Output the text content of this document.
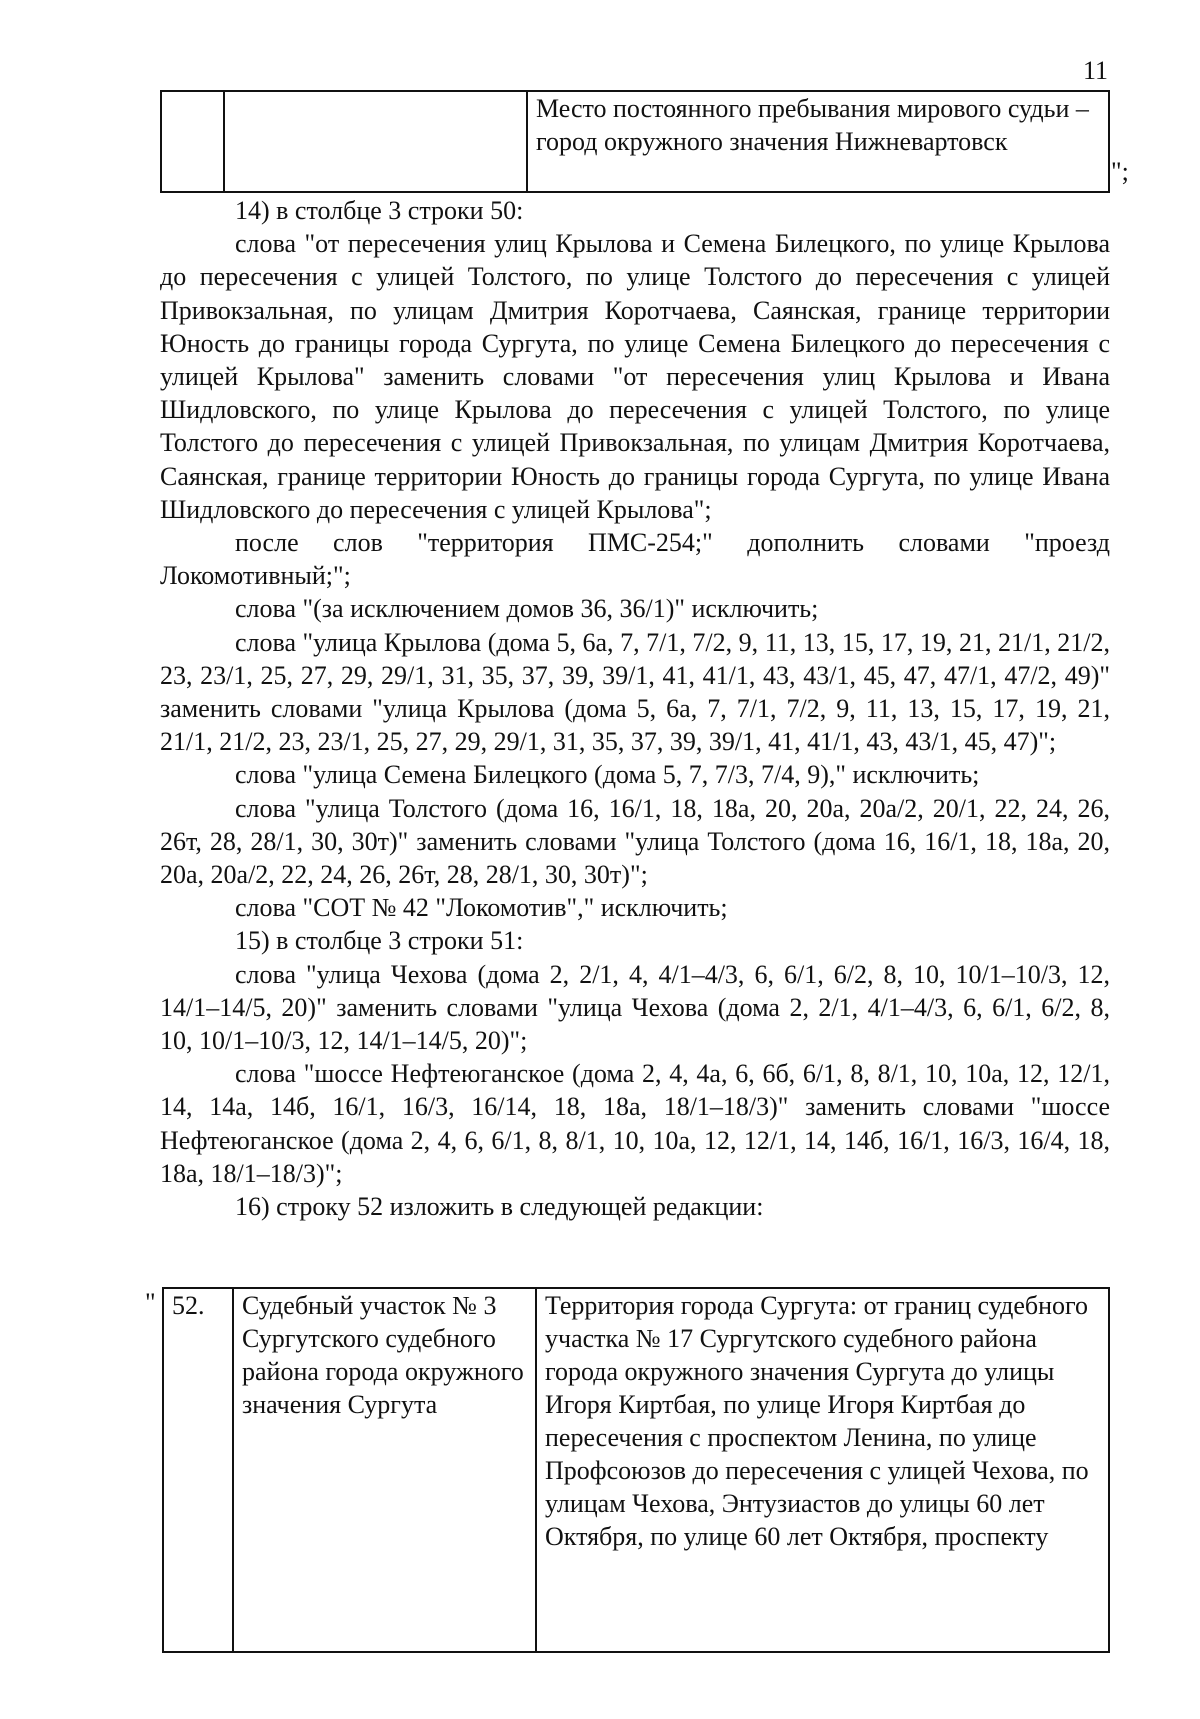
11
		Место постоянного пребывания мирового судьи – город окружного значения Нижневартовск
";

14) в столбце 3 строки 50:

слова "от пересечения улиц Крылова и Семена Билецкого, по улице Крылова до пересечения с улицей Толстого, по улице Толстого до пересечения с улицей Привокзальная, по улицам Дмитрия Коротчаева, Саянская, границе территории Юность до границы города Сургута, по улице Семена Билецкого до пересечения с улицей Крылова" заменить словами "от пересечения улиц Крылова и Ивана Шидловского, по улице Крылова до пересечения с улицей Толстого, по улице Толстого до пересечения с улицей Привокзальная, по улицам Дмитрия Коротчаева, Саянская, границе территории Юность до границы города Сургута, по улице Ивана Шидловского до пересечения с улицей Крылова";

после слов "территория ПМС-254;" дополнить словами "проезд Локомотивный;";

слова "(за исключением домов 36, 36/1)" исключить;

слова "улица Крылова (дома 5, 6а, 7, 7/1, 7/2, 9, 11, 13, 15, 17, 19, 21, 21/1, 21/2, 23, 23/1, 25, 27, 29, 29/1, 31, 35, 37, 39, 39/1, 41, 41/1, 43, 43/1, 45, 47, 47/1, 47/2, 49)" заменить словами "улица Крылова (дома 5, 6а, 7, 7/1, 7/2, 9, 11, 13, 15, 17, 19, 21, 21/1, 21/2, 23, 23/1, 25, 27, 29, 29/1, 31, 35, 37, 39, 39/1, 41, 41/1, 43, 43/1, 45, 47)";

слова "улица Семена Билецкого (дома 5, 7, 7/3, 7/4, 9)," исключить;

слова "улица Толстого (дома 16, 16/1, 18, 18а, 20, 20а, 20а/2, 20/1, 22, 24, 26, 26т, 28, 28/1, 30, 30т)" заменить словами "улица Толстого (дома 16, 16/1, 18, 18а, 20, 20а, 20а/2, 22, 24, 26, 26т, 28, 28/1, 30, 30т)";

слова "СОТ № 42 "Локомотив"," исключить;

15) в столбце 3 строки 51:

слова "улица Чехова (дома 2, 2/1, 4, 4/1–4/3, 6, 6/1, 6/2, 8, 10, 10/1–10/3, 12, 14/1–14/5, 20)" заменить словами "улица Чехова (дома 2, 2/1, 4/1–4/3, 6, 6/1, 6/2, 8, 10, 10/1–10/3, 12, 14/1–14/5, 20)";

слова "шоссе Нефтеюганское (дома 2, 4, 4а, 6, 6б, 6/1, 8, 8/1, 10, 10а, 12, 12/1, 14, 14а, 14б, 16/1, 16/3, 16/14, 18, 18а, 18/1–18/3)" заменить словами "шоссе Нефтеюганское (дома 2, 4, 6, 6/1, 8, 8/1, 10, 10а, 12, 12/1, 14, 14б, 16/1, 16/3, 16/4, 18, 18а, 18/1–18/3)";

16) строку 52 изложить в следующей редакции:

" 52.	Судебный участок № 3 Сургутского судебного района города окружного значения Сургута	Территория города Сургута: от границ судебного участка № 17 Сургутского судебного района города окружного значения Сургута до улицы Игоря Киртбая, по улице Игоря Киртбая до пересечения с проспектом Ленина, по улице Профсоюзов до пересечения с улицей Чехова, по улицам Чехова, Энтузиастов до улицы 60 лет Октября, по улице 60 лет Октября, проспекту
